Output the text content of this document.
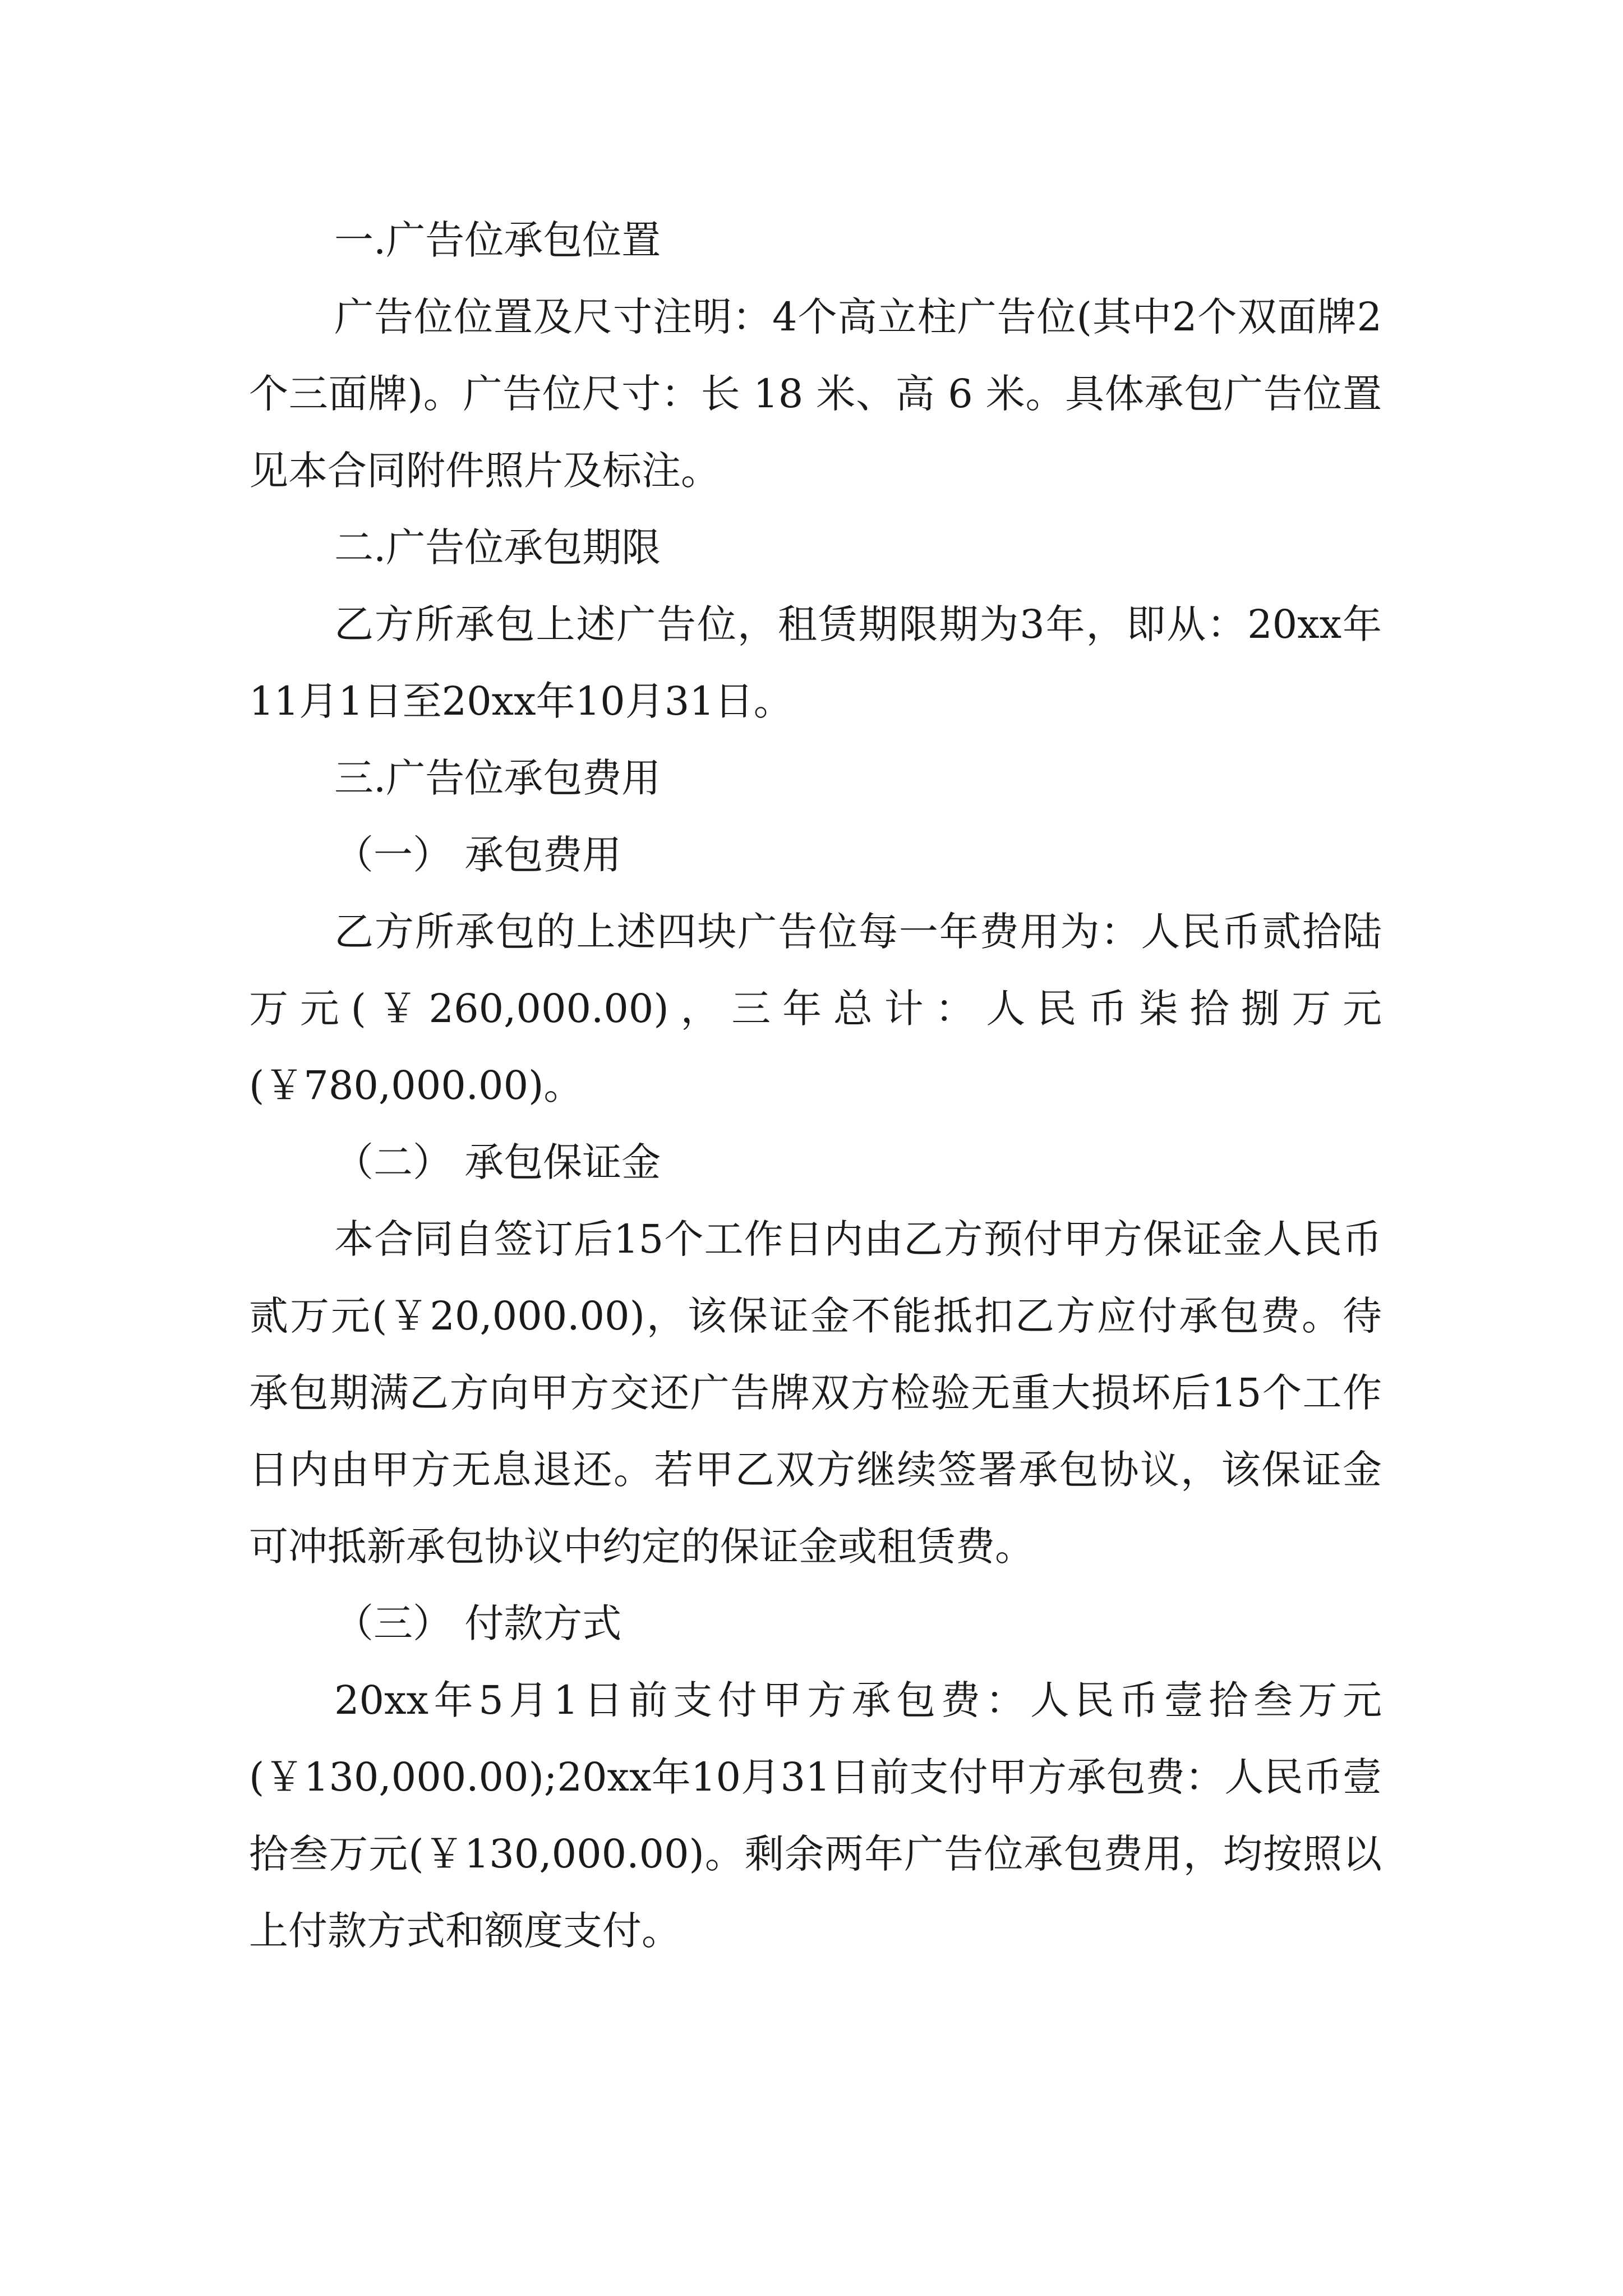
一.广告位承包位置

广告位位置及尺寸注明：4个高立柱广告位(其中2个双面牌2个三面牌)。广告位尺寸：长 18 米、高 6 米。具体承包广告位置见本合同附件照片及标注。

二.广告位承包期限

乙方所承包上述广告位，租赁期限期为3年，即从：20xx年11月1日至20xx年10月31日。

三.广告位承包费用

（一） 承包费用

乙方所承包的上述四块广告位每一年费用为：人民币贰拾陆万元(￥260,000.00)，三年总计：人民币柒拾捌万元(￥780,000.00)。

（二） 承包保证金

本合同自签订后15个工作日内由乙方预付甲方保证金人民币贰万元(￥20,000.00)，该保证金不能抵扣乙方应付承包费。待承包期满乙方向甲方交还广告牌双方检验无重大损坏后15个工作日内由甲方无息退还。若甲乙双方继续签署承包协议，该保证金可冲抵新承包协议中约定的保证金或租赁费。

（三） 付款方式

20xx年5月1日前支付甲方承包费：人民币壹拾叁万元(￥130,000.00);20xx年10月31日前支付甲方承包费：人民币壹拾叁万元(￥130,000.00)。剩余两年广告位承包费用，均按照以上付款方式和额度支付。
